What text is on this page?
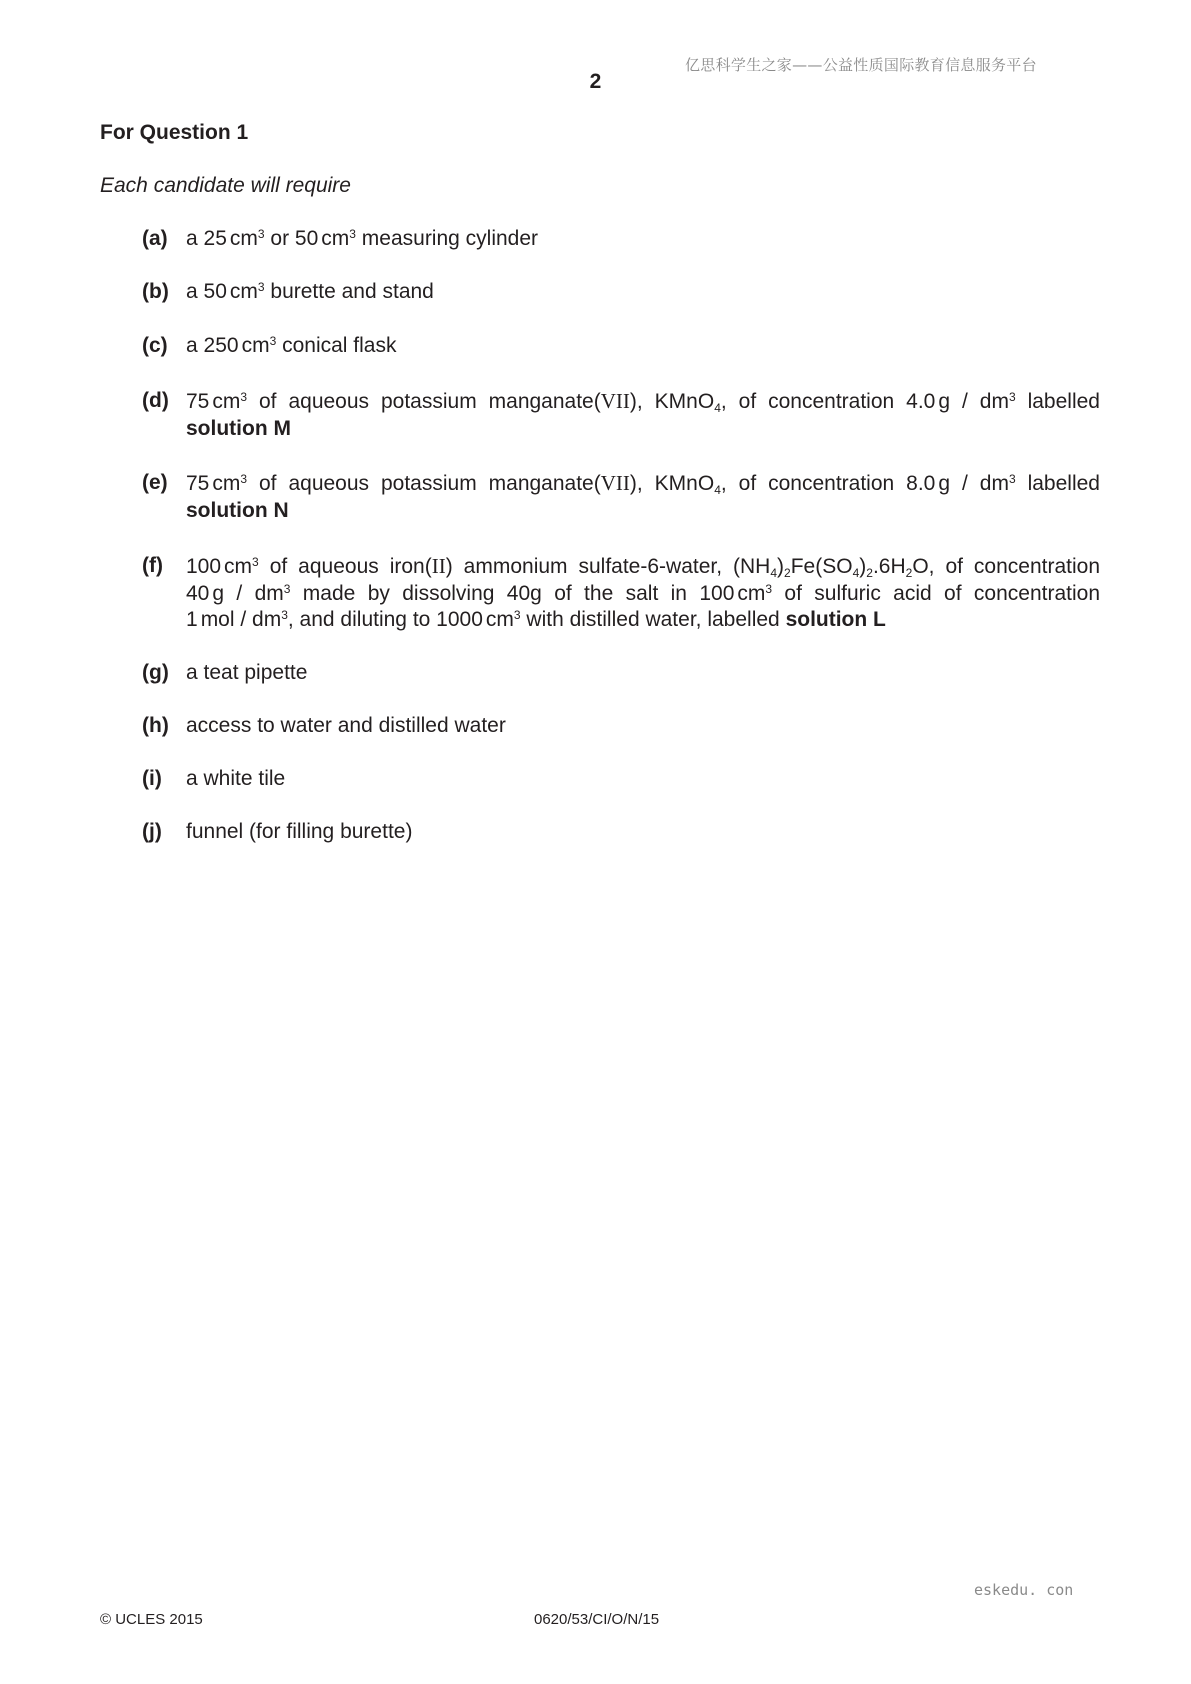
亿思科学生之家——公益性质国际教育信息服务平台
2
For Question 1
Each candidate will require
(a) a 25 $cm^3$ or 50 $cm^3$ measuring cylinder
(b) a 50 $cm^3$ burette and stand
(c) a 250 $cm^3$ conical flask
(d) 75 $cm^3$ of aqueous potassium manganate(VII), KMnO$_4$, of concentration 4.0 g / $dm^3$ labelled
solution M
(e) 75 $cm^3$ of aqueous potassium manganate(VII), KMnO$_4$, of concentration 8.0 g / $dm^3$ labelled
solution N
(f)	100 $cm^3$ of aqueous iron(II) ammonium sulfate-6-water, $(NH_4)_2Fe(SO_4)_2.6H_2O$, of concentration
40 g / $dm^3$ made by dissolving 40g of the salt in 100 $cm^3$ of sulfuric acid of concentration
1 mol / $dm^3$, and diluting to 1000 $cm^3$ with distilled water, labelled solution L
(g) a teat pipette
(h) access to water and distilled water
(i)	a white tile
(j)	funnel (for filling burette)
eskedu. con
© UCLES 2015	0620/53/CI/O/N/15
